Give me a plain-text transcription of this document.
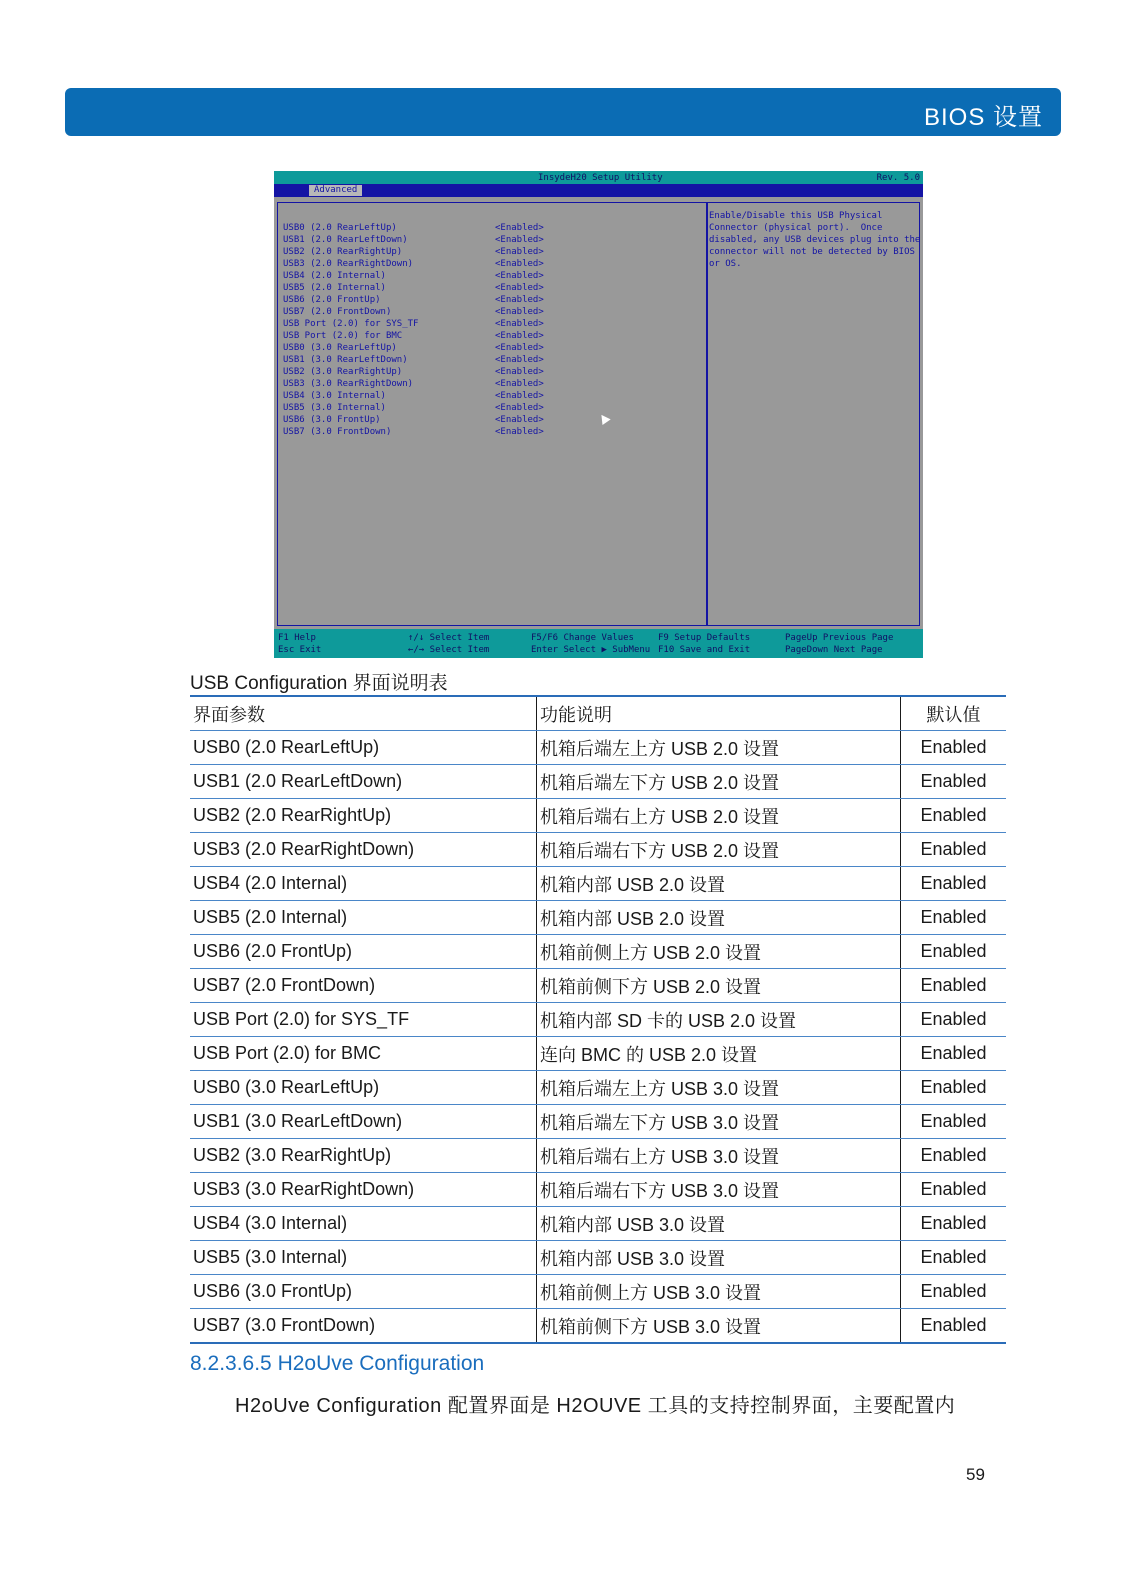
BIOS 设置
InsydeH20 Setup Utility	Rev. 5.0
Advanced
USB0 (2.0 RearLeftUp)	<Enabled>
USB1 (2.0 RearLeftDown)	<Enabled>
USB2 (2.0 RearRightUp)	<Enabled>
USB3 (2.0 RearRightDown)	<Enabled>
USB4 (2.0 Internal)	<Enabled>
USB5 (2.0 Internal)	<Enabled>
USB6 (2.0 FrontUp)	<Enabled>
USB7 (2.0 FrontDown)	<Enabled>
USB Port (2.0) for SYS_TF	<Enabled>
USB Port (2.0) for BMC	<Enabled>
USB0 (3.0 RearLeftUp)	<Enabled>
USB1 (3.0 RearLeftDown)	<Enabled>
USB2 (3.0 RearRightUp)	<Enabled>
USB3 (3.0 RearRightDown)	<Enabled>
USB4 (3.0 Internal)	<Enabled>
USB5 (3.0 Internal)	<Enabled>
USB6 (3.0 FrontUp)	<Enabled>
USB7 (3.0 FrontDown)	<Enabled>
Enable/Disable this USB Physical
Connector (physical port).  Once
disabled, any USB devices plug into the
connector will not be detected by BIOS
or OS.
F1 Help
Esc Exit
↑/↓ Select Item
←/→ Select Item
F5/F6 Change Values
Enter Select ▶ SubMenu
F9 Setup Defaults
F10 Save and Exit
PageUp Previous Page
PageDown Next Page
USB Configuration 界面说明表
界面参数	功能说明	默认值
USB0 (2.0 RearLeftUp)	机箱后端左上方 USB 2.0 设置	Enabled
USB1 (2.0 RearLeftDown)	机箱后端左下方 USB 2.0 设置	Enabled
USB2 (2.0 RearRightUp)	机箱后端右上方 USB 2.0 设置	Enabled
USB3 (2.0 RearRightDown)	机箱后端右下方 USB 2.0 设置	Enabled
USB4 (2.0 Internal)	机箱内部 USB 2.0 设置	Enabled
USB5 (2.0 Internal)	机箱内部 USB 2.0 设置	Enabled
USB6 (2.0 FrontUp)	机箱前侧上方 USB 2.0 设置	Enabled
USB7 (2.0 FrontDown)	机箱前侧下方 USB 2.0 设置	Enabled
USB Port (2.0) for SYS_TF	机箱内部 SD 卡的 USB 2.0 设置	Enabled
USB Port (2.0) for BMC	连向 BMC 的 USB 2.0 设置	Enabled
USB0 (3.0 RearLeftUp)	机箱后端左上方 USB 3.0 设置	Enabled
USB1 (3.0 RearLeftDown)	机箱后端左下方 USB 3.0 设置	Enabled
USB2 (3.0 RearRightUp)	机箱后端右上方 USB 3.0 设置	Enabled
USB3 (3.0 RearRightDown)	机箱后端右下方 USB 3.0 设置	Enabled
USB4 (3.0 Internal)	机箱内部 USB 3.0 设置	Enabled
USB5 (3.0 Internal)	机箱内部 USB 3.0 设置	Enabled
USB6 (3.0 FrontUp)	机箱前侧上方 USB 3.0 设置	Enabled
USB7 (3.0 FrontDown)	机箱前侧下方 USB 3.0 设置	Enabled
8.2.3.6.5 H2oUve Configuration
H2oUve Configuration 配置界面是 H2OUVE 工具的支持控制界面，主要配置内
59
